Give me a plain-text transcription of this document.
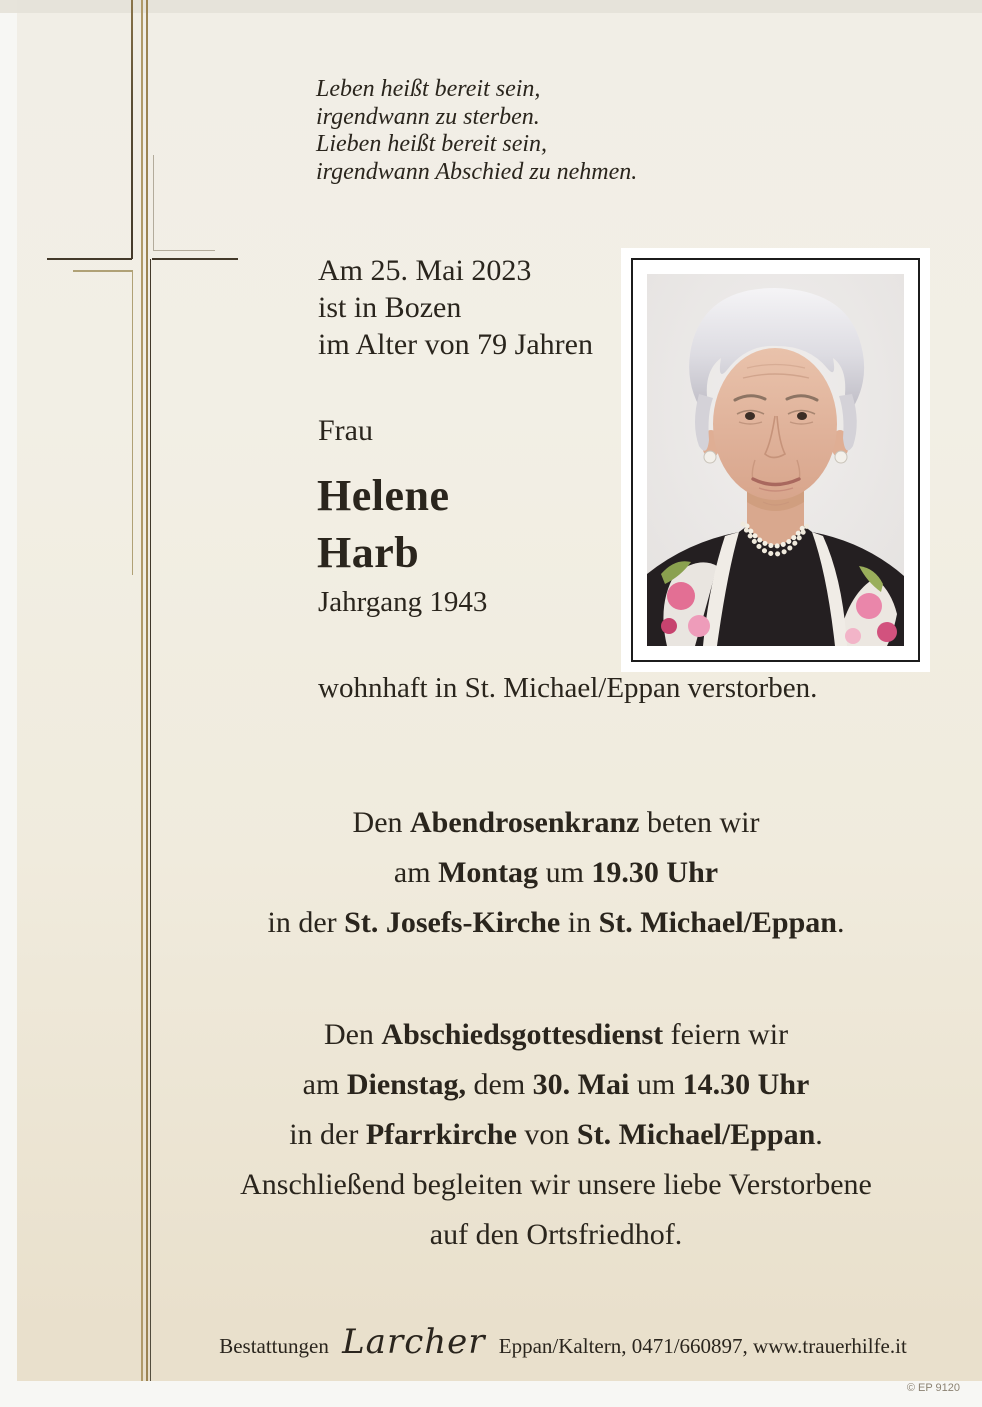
Leben heißt bereit sein,
irgendwann zu sterben.
Lieben heißt bereit sein,
irgendwann Abschied zu nehmen.
Am 25. Mai 2023
ist in Bozen
im Alter von 79 Jahren
Frau
Helene
Harb
Jahrgang 1943
wohnhaft in St. Michael/Eppan verstorben.
Den Abendrosenkranz beten wir
am Montag um 19.30 Uhr
in der St. Josefs-Kirche in St. Michael/Eppan.
Den Abschiedsgottesdienst feiern wir
am Dienstag, dem 30. Mai um 14.30 Uhr
in der Pfarrkirche von St. Michael/Eppan.
Anschließend begleiten wir unsere liebe Verstorbene
auf den Ortsfriedhof.
Bestattungen Larcher Eppan/Kaltern, 0471/660897, www.trauerhilfe.it
© EP 9120
